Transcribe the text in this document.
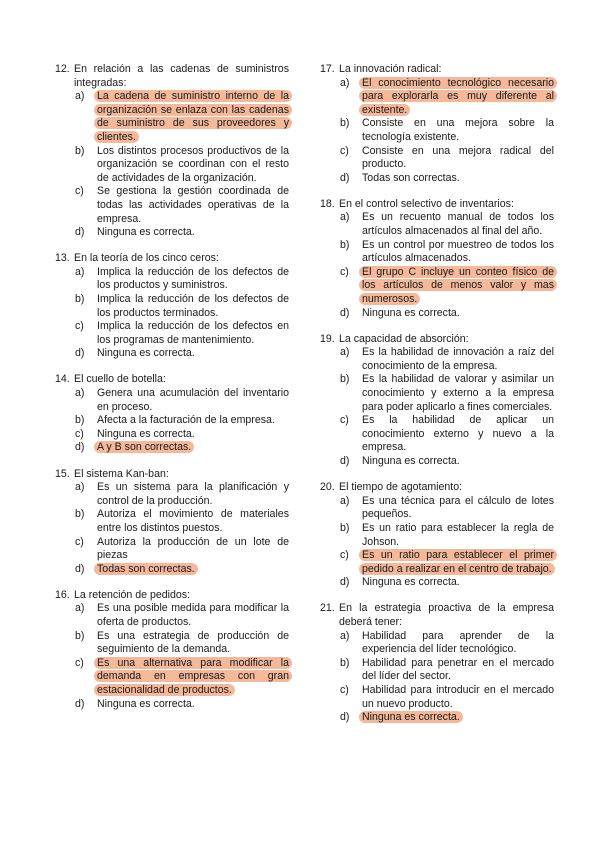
12. En relación a las cadenas de suministros integradas:
a)	La cadena de suministro interno de la organización se enlaza con las cadenas de suministro de sus proveedores y clientes.
b)	Los distintos procesos productivos de la organización se coordinan con el resto de actividades de la organización.
c)	Se gestiona la gestión coordinada de todas las actividades operativas de la empresa.
d)	Ninguna es correcta.
13. En la teoría de los cinco ceros:
a)	Implica la reducción de los defectos de los productos y suministros.
b)	Implica la reducción de los defectos de los productos terminados.
c)	Implica la reducción de los defectos en los programas de mantenimiento.
d)	Ninguna es correcta.
14. El cuello de botella:
a)	Genera una acumulación del inventario en proceso.
b)	Afecta a la facturación de la empresa.
c)	Ninguna es correcta.
d)	A y B son correctas.
15. El sistema Kan-ban:
a)	Es un sistema para la planificación y control de la producción.
b)	Autoriza el movimiento de materiales entre los distintos puestos.
c)	Autoriza la producción de un lote de piezas
d)	Todas son correctas.
16. La retención de pedidos:
a)	Es una posible medida para modificar la oferta de productos.
b)	Es una estrategia de producción de seguimiento de la demanda.
c)	Es una alternativa para modificar la demanda en empresas con gran estacionalidad de productos.
d)	Ninguna es correcta.
17. La innovación radical:
a)	El conocimiento tecnológico necesario para explorarla es muy diferente al existente.
b)	Consiste en una mejora sobre la tecnología existente.
c)	Consiste en una mejora radical del producto.
d)	Todas son correctas.
18. En el control selectivo de inventarios:
a)	Es un recuento manual de todos los artículos almacenados al final del año.
b)	Es un control por muestreo de todos los artículos almacenados.
c)	El grupo C incluye un conteo físico de los artículos de menos valor y mas numerosos.
d)	Ninguna es correcta.
19. La capacidad de absorción:
a)	Es la habilidad de innovación a raíz del conocimiento de la empresa.
b)	Es la habilidad de valorar y asimilar un conocimiento y externo a la empresa para poder aplicarlo a fines comerciales.
c)	Es la habilidad de aplicar un conocimiento externo y nuevo a la empresa.
d)	Ninguna es correcta.
20. El tiempo de agotamiento:
a)	Es una técnica para el cálculo de lotes pequeños.
b)	Es un ratio para establecer la regla de Johson.
c)	Es un ratio para establecer el primer pedido a realizar en el centro de trabajo.
d)	Ninguna es correcta.
21. En la estrategia proactiva de la empresa deberá tener:
a)	Habilidad para aprender de la experiencia del líder tecnológico.
b)	Habilidad para penetrar en el mercado del líder del sector.
c)	Habilidad para introducir en el mercado un nuevo producto.
d)	Ninguna es correcta.
